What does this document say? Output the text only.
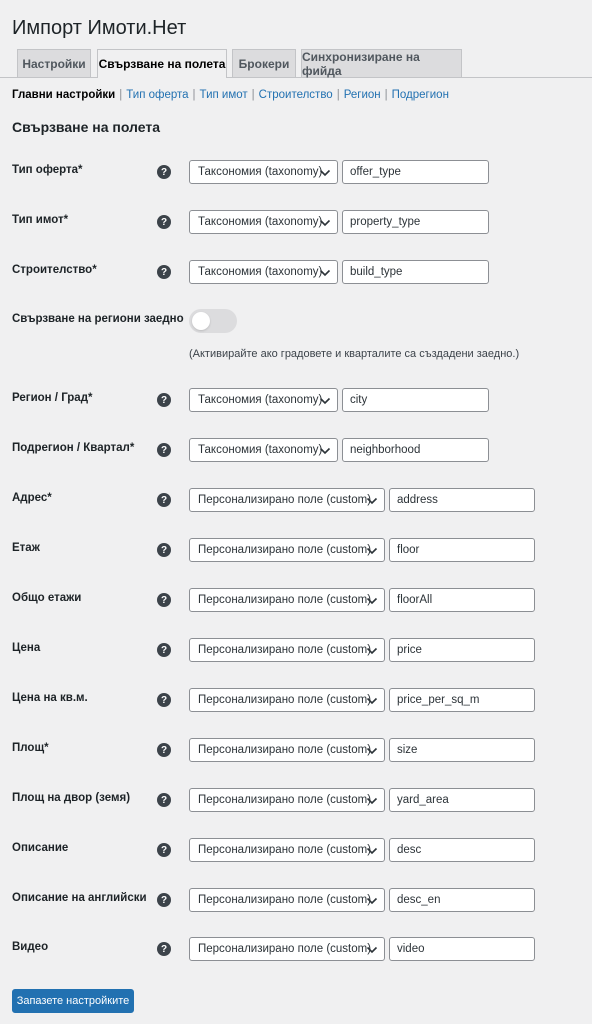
Импорт Имоти.Нет
Настройки	Свързване на полета	Брокери	Синхронизиране на фийда
Главни настройки | Тип оферта | Тип имот | Строителство | Регион | Подрегион
Свързване на полета
Тип оферта*	?	Таксономия (taxonomy)	offer_type
Тип имот*	?	Таксономия (taxonomy)	property_type
Строителство*	?	Таксономия (taxonomy)	build_type
Регион / Град*	?	Таксономия (taxonomy)	city
Подрегион / Квартал*	?	Таксономия (taxonomy)	neighborhood
Адрес*	?	Персонализирано поле (custom)	address
Етаж	?	Персонализирано поле (custom)	floor
Общо етажи	?	Персонализирано поле (custom)	floorAll
Цена	?	Персонализирано поле (custom)	price
Цена на кв.м.	?	Персонализирано поле (custom)	price_per_sq_m
Площ*	?	Персонализирано поле (custom)	size
Площ на двор (земя)	?	Персонализирано поле (custom)	yard_area
Описание	?	Персонализирано поле (custom)	desc
Описание на английски	?	Персонализирано поле (custom)	desc_en
Видео	?	Персонализирано поле (custom)	video
Свързване на региони заедно
(Активирайте ако градовете и кварталите са създадени заедно.)
Запазете настройките
